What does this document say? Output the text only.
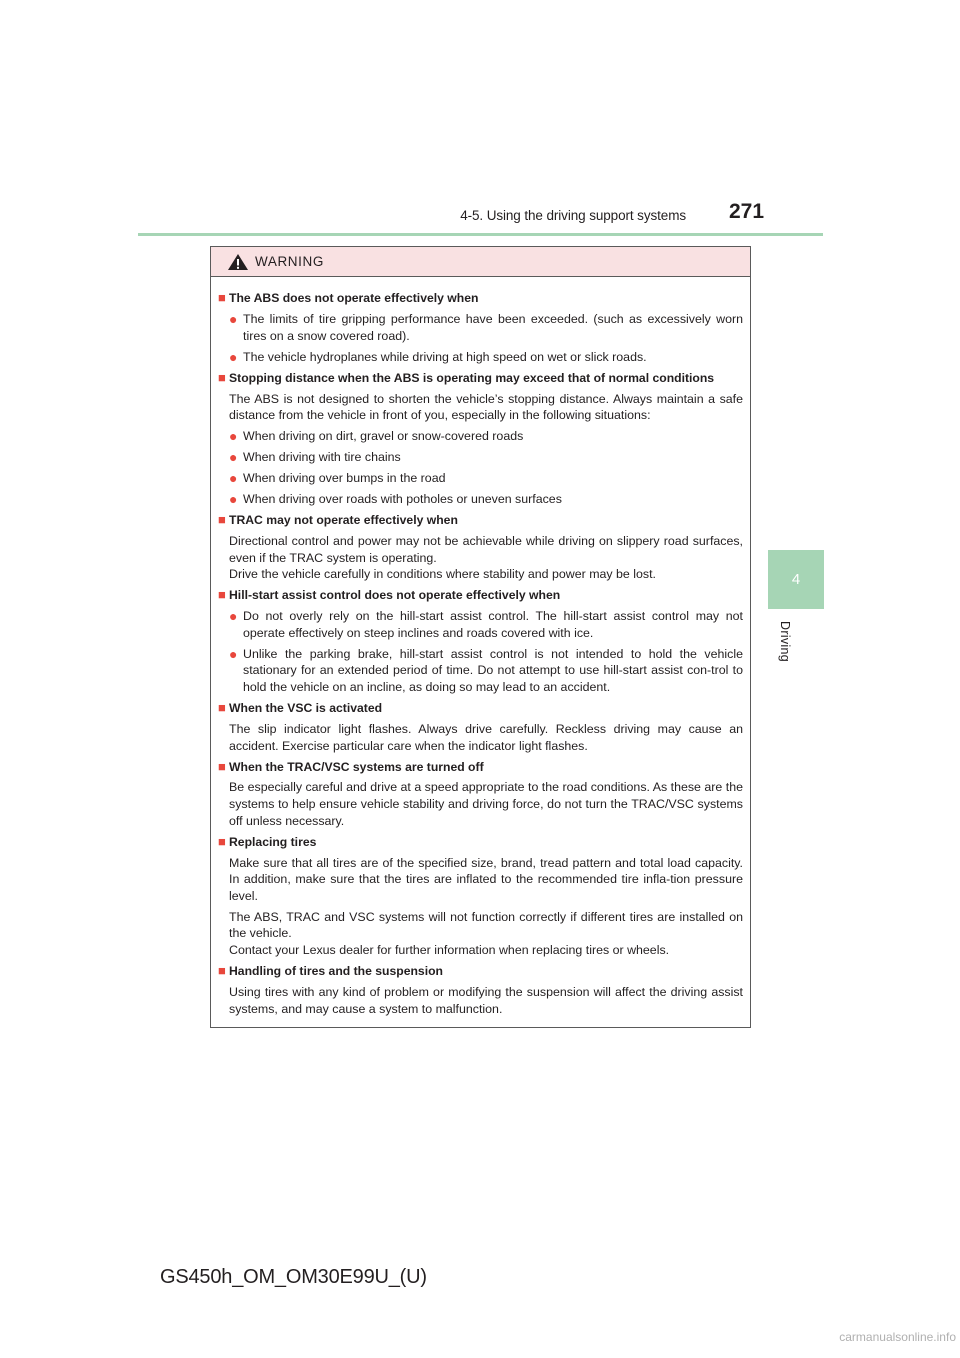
4-5. Using the driving support systems 271
4
Driving
WARNING
■ The ABS does not operate effectively when
● The limits of tire gripping performance have been exceeded. (such as excessively worn tires on a snow covered road).
● The vehicle hydroplanes while driving at high speed on wet or slick roads.
■ Stopping distance when the ABS is operating may exceed that of normal conditions
The ABS is not designed to shorten the vehicle’s stopping distance. Always maintain a safe distance from the vehicle in front of you, especially in the following situations:
● When driving on dirt, gravel or snow-covered roads
● When driving with tire chains
● When driving over bumps in the road
● When driving over roads with potholes or uneven surfaces
■ TRAC may not operate effectively when
Directional control and power may not be achievable while driving on slippery road surfaces, even if the TRAC system is operating.
Drive the vehicle carefully in conditions where stability and power may be lost.
■ Hill-start assist control does not operate effectively when
● Do not overly rely on the hill-start assist control. The hill-start assist control may not operate effectively on steep inclines and roads covered with ice.
● Unlike the parking brake, hill-start assist control is not intended to hold the vehicle stationary for an extended period of time. Do not attempt to use hill-start assist con-trol to hold the vehicle on an incline, as doing so may lead to an accident.
■ When the VSC is activated
The slip indicator light flashes. Always drive carefully. Reckless driving may cause an accident. Exercise particular care when the indicator light flashes.
■ When the TRAC/VSC systems are turned off
Be especially careful and drive at a speed appropriate to the road conditions. As these are the systems to help ensure vehicle stability and driving force, do not turn the TRAC/VSC systems off unless necessary.
■ Replacing tires
Make sure that all tires are of the specified size, brand, tread pattern and total load capacity. In addition, make sure that the tires are inflated to the recommended tire infla-tion pressure level.
The ABS, TRAC and VSC systems will not function correctly if different tires are installed on the vehicle.
Contact your Lexus dealer for further information when replacing tires or wheels.
■ Handling of tires and the suspension
Using tires with any kind of problem or modifying the suspension will affect the driving assist systems, and may cause a system to malfunction.
GS450h_OM_OM30E99U_(U)
carmanualsonline.info
